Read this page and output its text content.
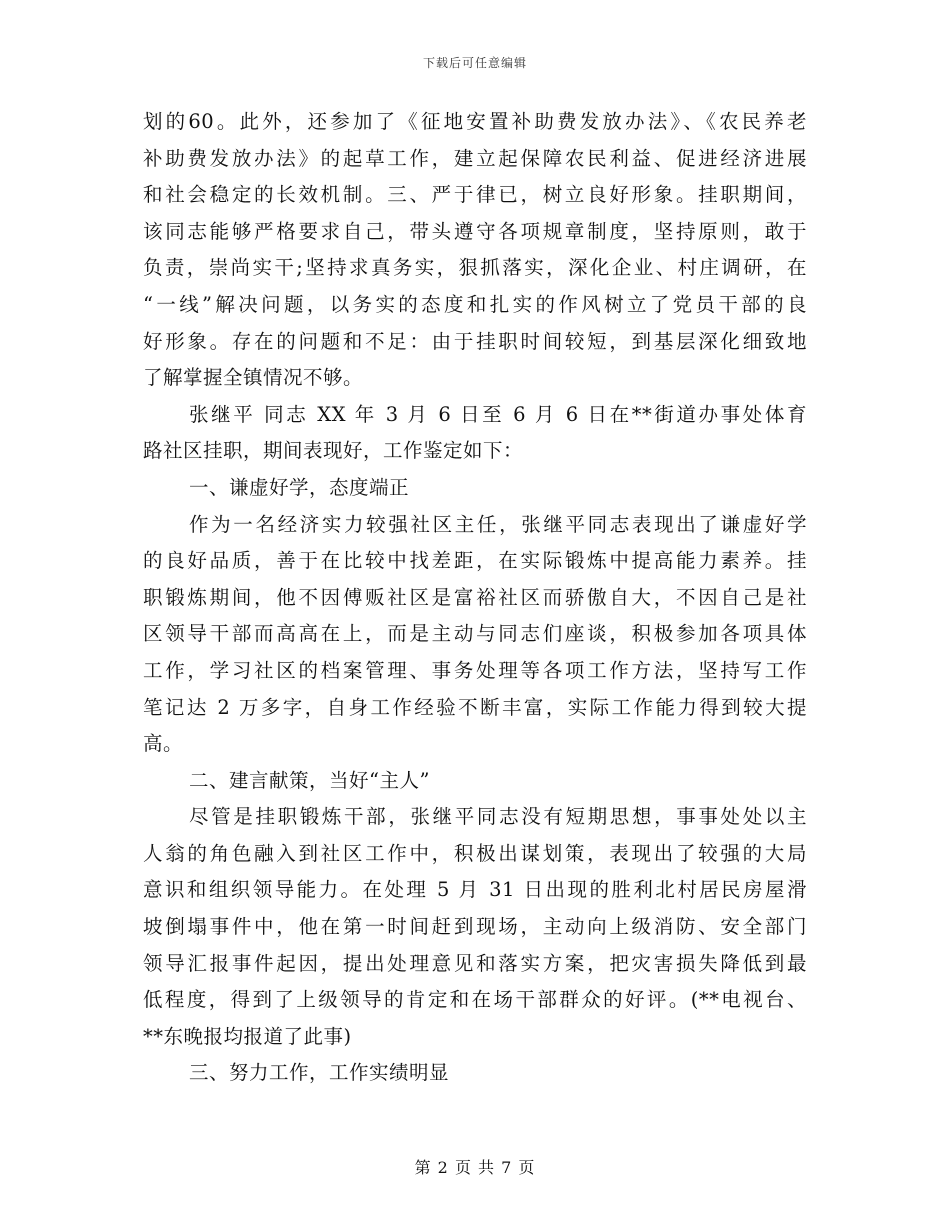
下载后可任意编辑
划的60。此外，还参加了《征地安置补助费发放办法》、《农民养老
补助费发放办法》的起草工作，建立起保障农民利益、促进经济进展
和社会稳定的长效机制。三、严于律已，树立良好形象。挂职期间，
该同志能够严格要求自己，带头遵守各项规章制度，坚持原则，敢于
负责，崇尚实干;坚持求真务实，狠抓落实，深化企业、村庄调研，在
“一线”解决问题，以务实的态度和扎实的作风树立了党员干部的良
好形象。存在的问题和不足：由于挂职时间较短，到基层深化细致地
了解掌握全镇情况不够。
张继平 同志 XX 年 3 月 6 日至 6 月 6 日在**街道办事处体育
路社区挂职，期间表现好，工作鉴定如下：
一、谦虚好学，态度端正
作为一名经济实力较强社区主任，张继平同志表现出了谦虚好学
的良好品质，善于在比较中找差距，在实际锻炼中提高能力素养。挂
职锻炼期间，他不因傅贩社区是富裕社区而骄傲自大，不因自己是社
区领导干部而高高在上，而是主动与同志们座谈，积极参加各项具体
工作，学习社区的档案管理、事务处理等各项工作方法，坚持写工作
笔记达 2 万多字，自身工作经验不断丰富，实际工作能力得到较大提
高。
二、建言献策，当好“主人”
尽管是挂职锻炼干部，张继平同志没有短期思想，事事处处以主
人翁的角色融入到社区工作中，积极出谋划策，表现出了较强的大局
意识和组织领导能力。在处理 5 月 31 日出现的胜利北村居民房屋滑
坡倒塌事件中，他在第一时间赶到现场，主动向上级消防、安全部门
领导汇报事件起因，提出处理意见和落实方案，把灾害损失降低到最
低程度，得到了上级领导的肯定和在场干部群众的好评。(**电视台、
**东晚报均报道了此事)
三、努力工作，工作实绩明显
第 2 页 共 7 页
